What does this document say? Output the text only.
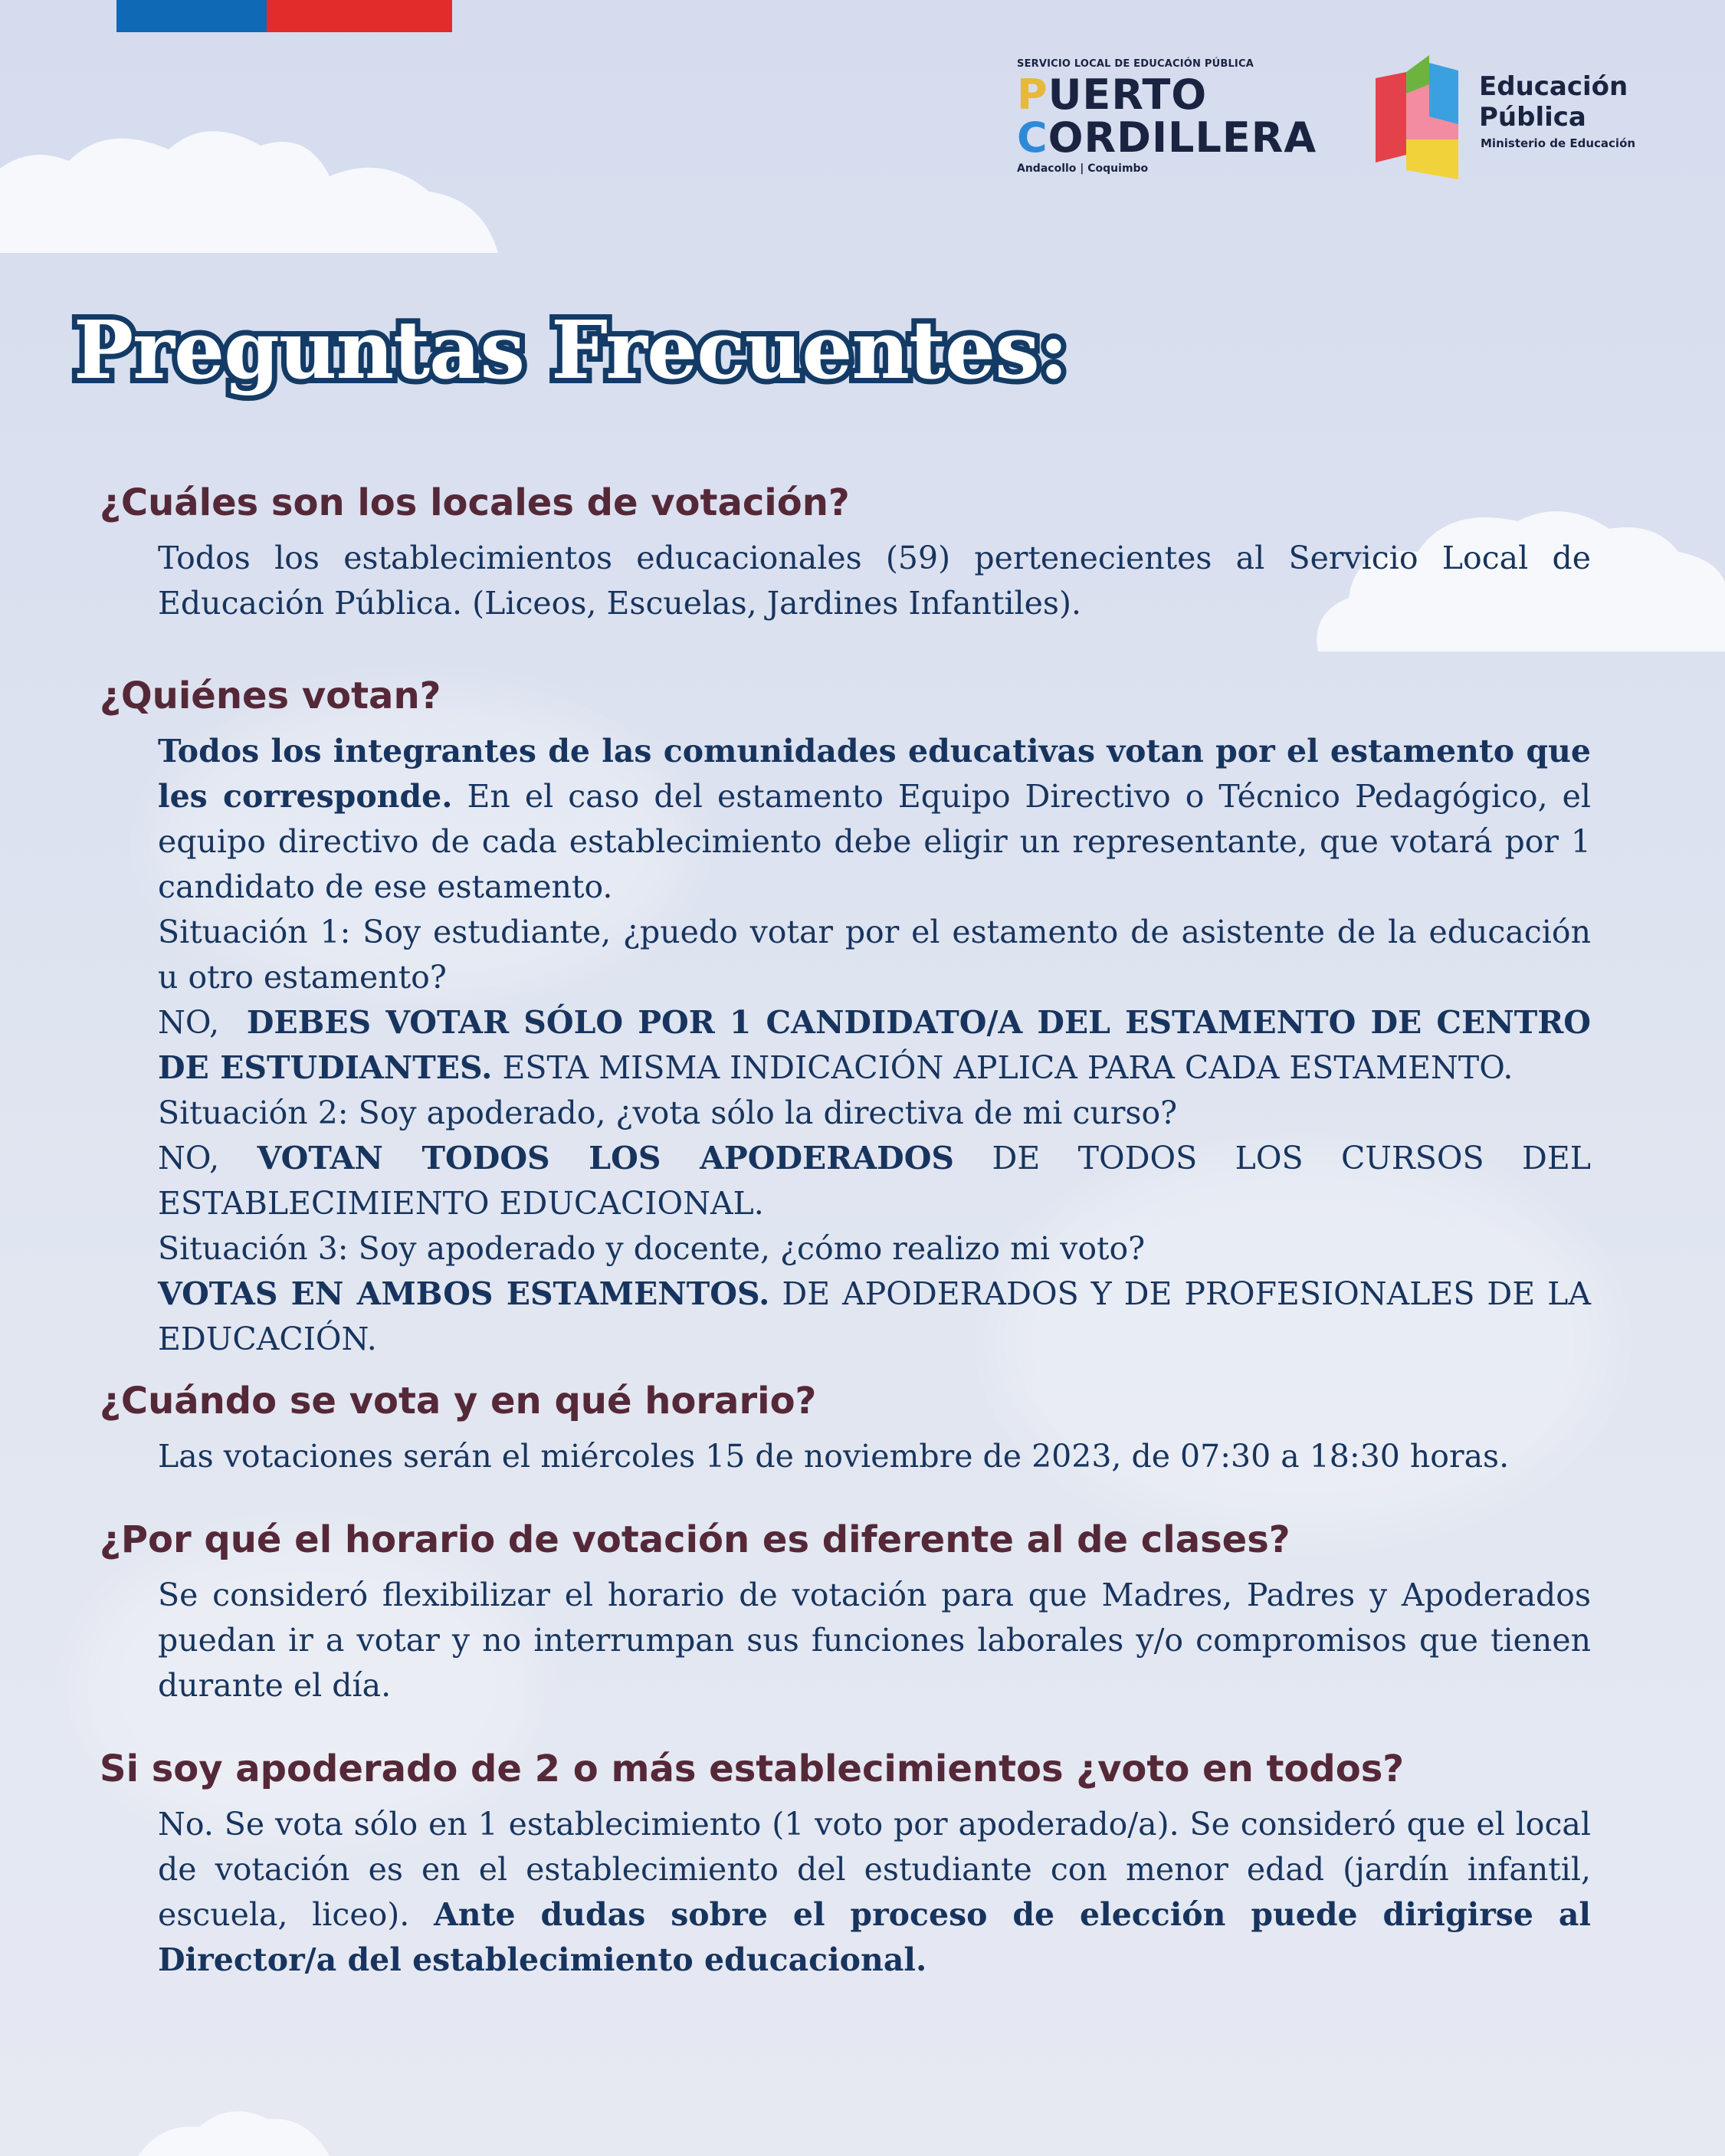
SERVICIO LOCAL DE EDUCACIÓN PÚBLICA
PUERTO
CORDILLERA
Andacollo | Coquimbo
Educación
Pública
Ministerio de Educación
Preguntas Frecuentes:
¿Cuáles son los locales de votación?

Todos los establecimientos educacionales (59) pertenecientes al Servicio Local de Educación Pública. (Liceos, Escuelas, Jardines Infantiles).

¿Quiénes votan?

Todos los integrantes de las comunidades educativas votan por el estamento que les corresponde. En el caso del estamento Equipo Directivo o Técnico Pedagógico, el equipo directivo de cada establecimiento debe eligir un representante, que votará por 1 candidato de ese estamento.

Situación 1: Soy estudiante, ¿puedo votar por el estamento de asistente de la educación u otro estamento?

NO,  DEBES VOTAR SÓLO POR 1 CANDIDATO/A DEL ESTAMENTO DE CENTRO DE ESTUDIANTES. ESTA MISMA INDICACIÓN APLICA PARA CADA ESTAMENTO.

Situación 2: Soy apoderado, ¿vota sólo la directiva de mi curso?

NO, VOTAN TODOS LOS APODERADOS DE TODOS LOS CURSOS DEL ESTABLECIMIENTO EDUCACIONAL.

Situación 3: Soy apoderado y docente, ¿cómo realizo mi voto?

VOTAS EN AMBOS ESTAMENTOS. DE APODERADOS Y DE PROFESIONALES DE LA EDUCACIÓN.

¿Cuándo se vota y en qué horario?

Las votaciones serán el miércoles 15 de noviembre de 2023, de 07:30 a 18:30 horas.

¿Por qué el horario de votación es diferente al de clases?

Se consideró flexibilizar el horario de votación para que Madres, Padres y Apoderados puedan ir a votar y no interrumpan sus funciones laborales y/o compromisos que tienen durante el día.

Si soy apoderado de 2 o más establecimientos ¿voto en todos?

No. Se vota sólo en 1 establecimiento (1 voto por apoderado/a). Se consideró que el local de votación es en el establecimiento del estudiante con menor edad (jardín infantil, escuela, liceo). Ante dudas sobre el proceso de elección puede dirigirse al Director/a del establecimiento educacional.
